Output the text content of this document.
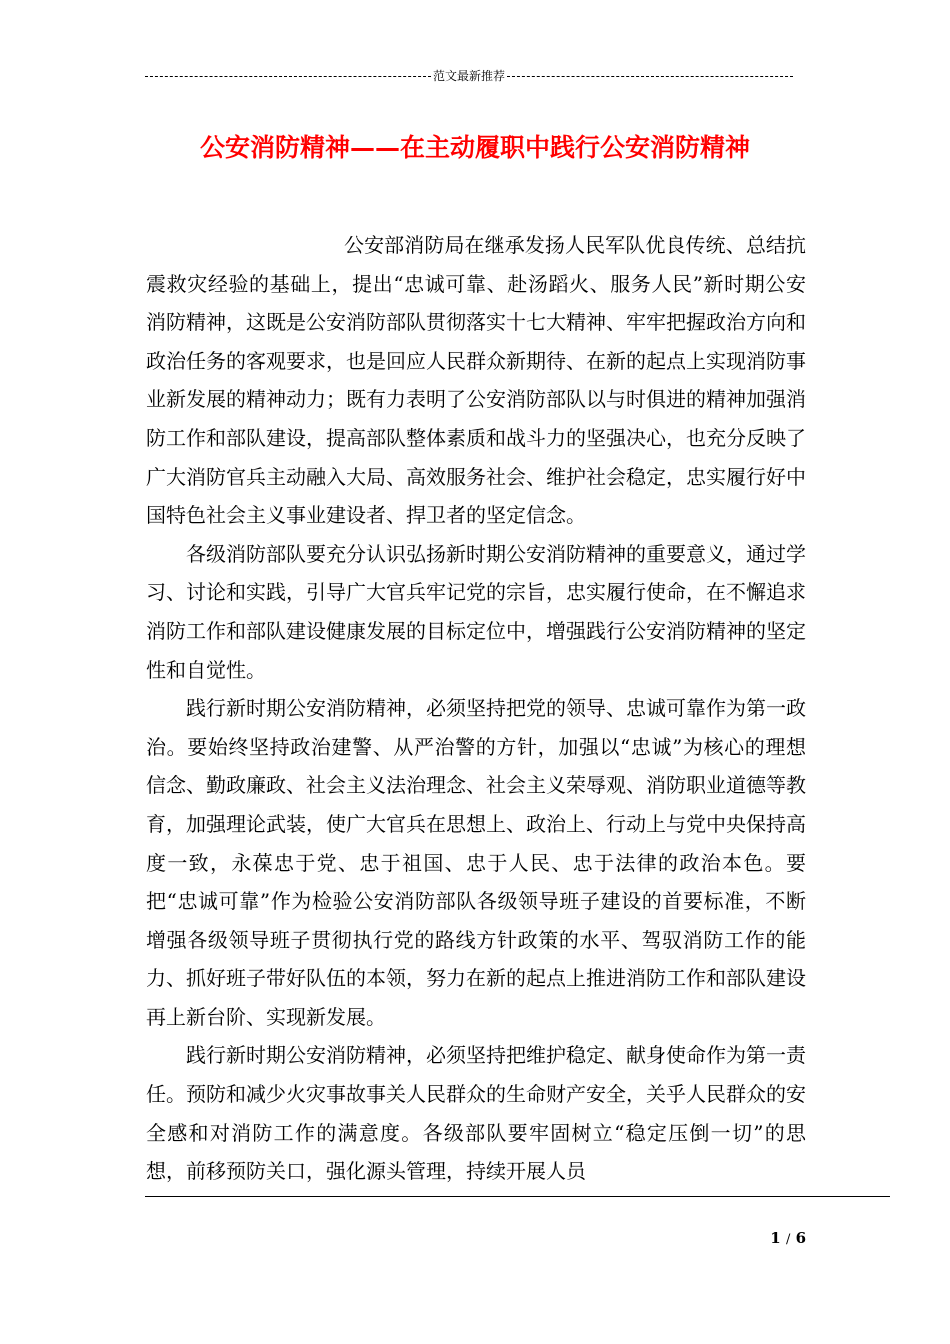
范文最新推荐
公安消防精神——在主动履职中践行公安消防精神

公安部消防局在继承发扬人民军队优良传统、总结抗震救灾经验的基础上，提出“忠诚可靠、赴汤蹈火、服务人民”新时期公安消防精神，这既是公安消防部队贯彻落实十七大精神、牢牢把握政治方向和政治任务的客观要求，也是回应人民群众新期待、在新的起点上实现消防事业新发展的精神动力；既有力表明了公安消防部队以与时俱进的精神加强消防工作和部队建设，提高部队整体素质和战斗力的坚强决心，也充分反映了广大消防官兵主动融入大局、高效服务社会、维护社会稳定，忠实履行好中国特色社会主义事业建设者、捍卫者的坚定信念。

各级消防部队要充分认识弘扬新时期公安消防精神的重要意义，通过学习、讨论和实践，引导广大官兵牢记党的宗旨，忠实履行使命，在不懈追求消防工作和部队建设健康发展的目标定位中，增强践行公安消防精神的坚定性和自觉性。

践行新时期公安消防精神，必须坚持把党的领导、忠诚可靠作为第一政治。要始终坚持政治建警、从严治警的方针，加强以“忠诚”为核心的理想信念、勤政廉政、社会主义法治理念、社会主义荣辱观、消防职业道德等教育，加强理论武装，使广大官兵在思想上、政治上、行动上与党中央保持高度一致，永葆忠于党、忠于祖国、忠于人民、忠于法律的政治本色。要把“忠诚可靠”作为检验公安消防部队各级领导班子建设的首要标准，不断增强各级领导班子贯彻执行党的路线方针政策的水平、驾驭消防工作的能力、抓好班子带好队伍的本领，努力在新的起点上推进消防工作和部队建设再上新台阶、实现新发展。

践行新时期公安消防精神，必须坚持把维护稳定、献身使命作为第一责任。预防和减少火灾事故事关人民群众的生命财产安全，关乎人民群众的安全感和对消防工作的满意度。各级部队要牢固树立“稳定压倒一切”的思想，前移预防关口，强化源头管理，持续开展人员

1 / 6
